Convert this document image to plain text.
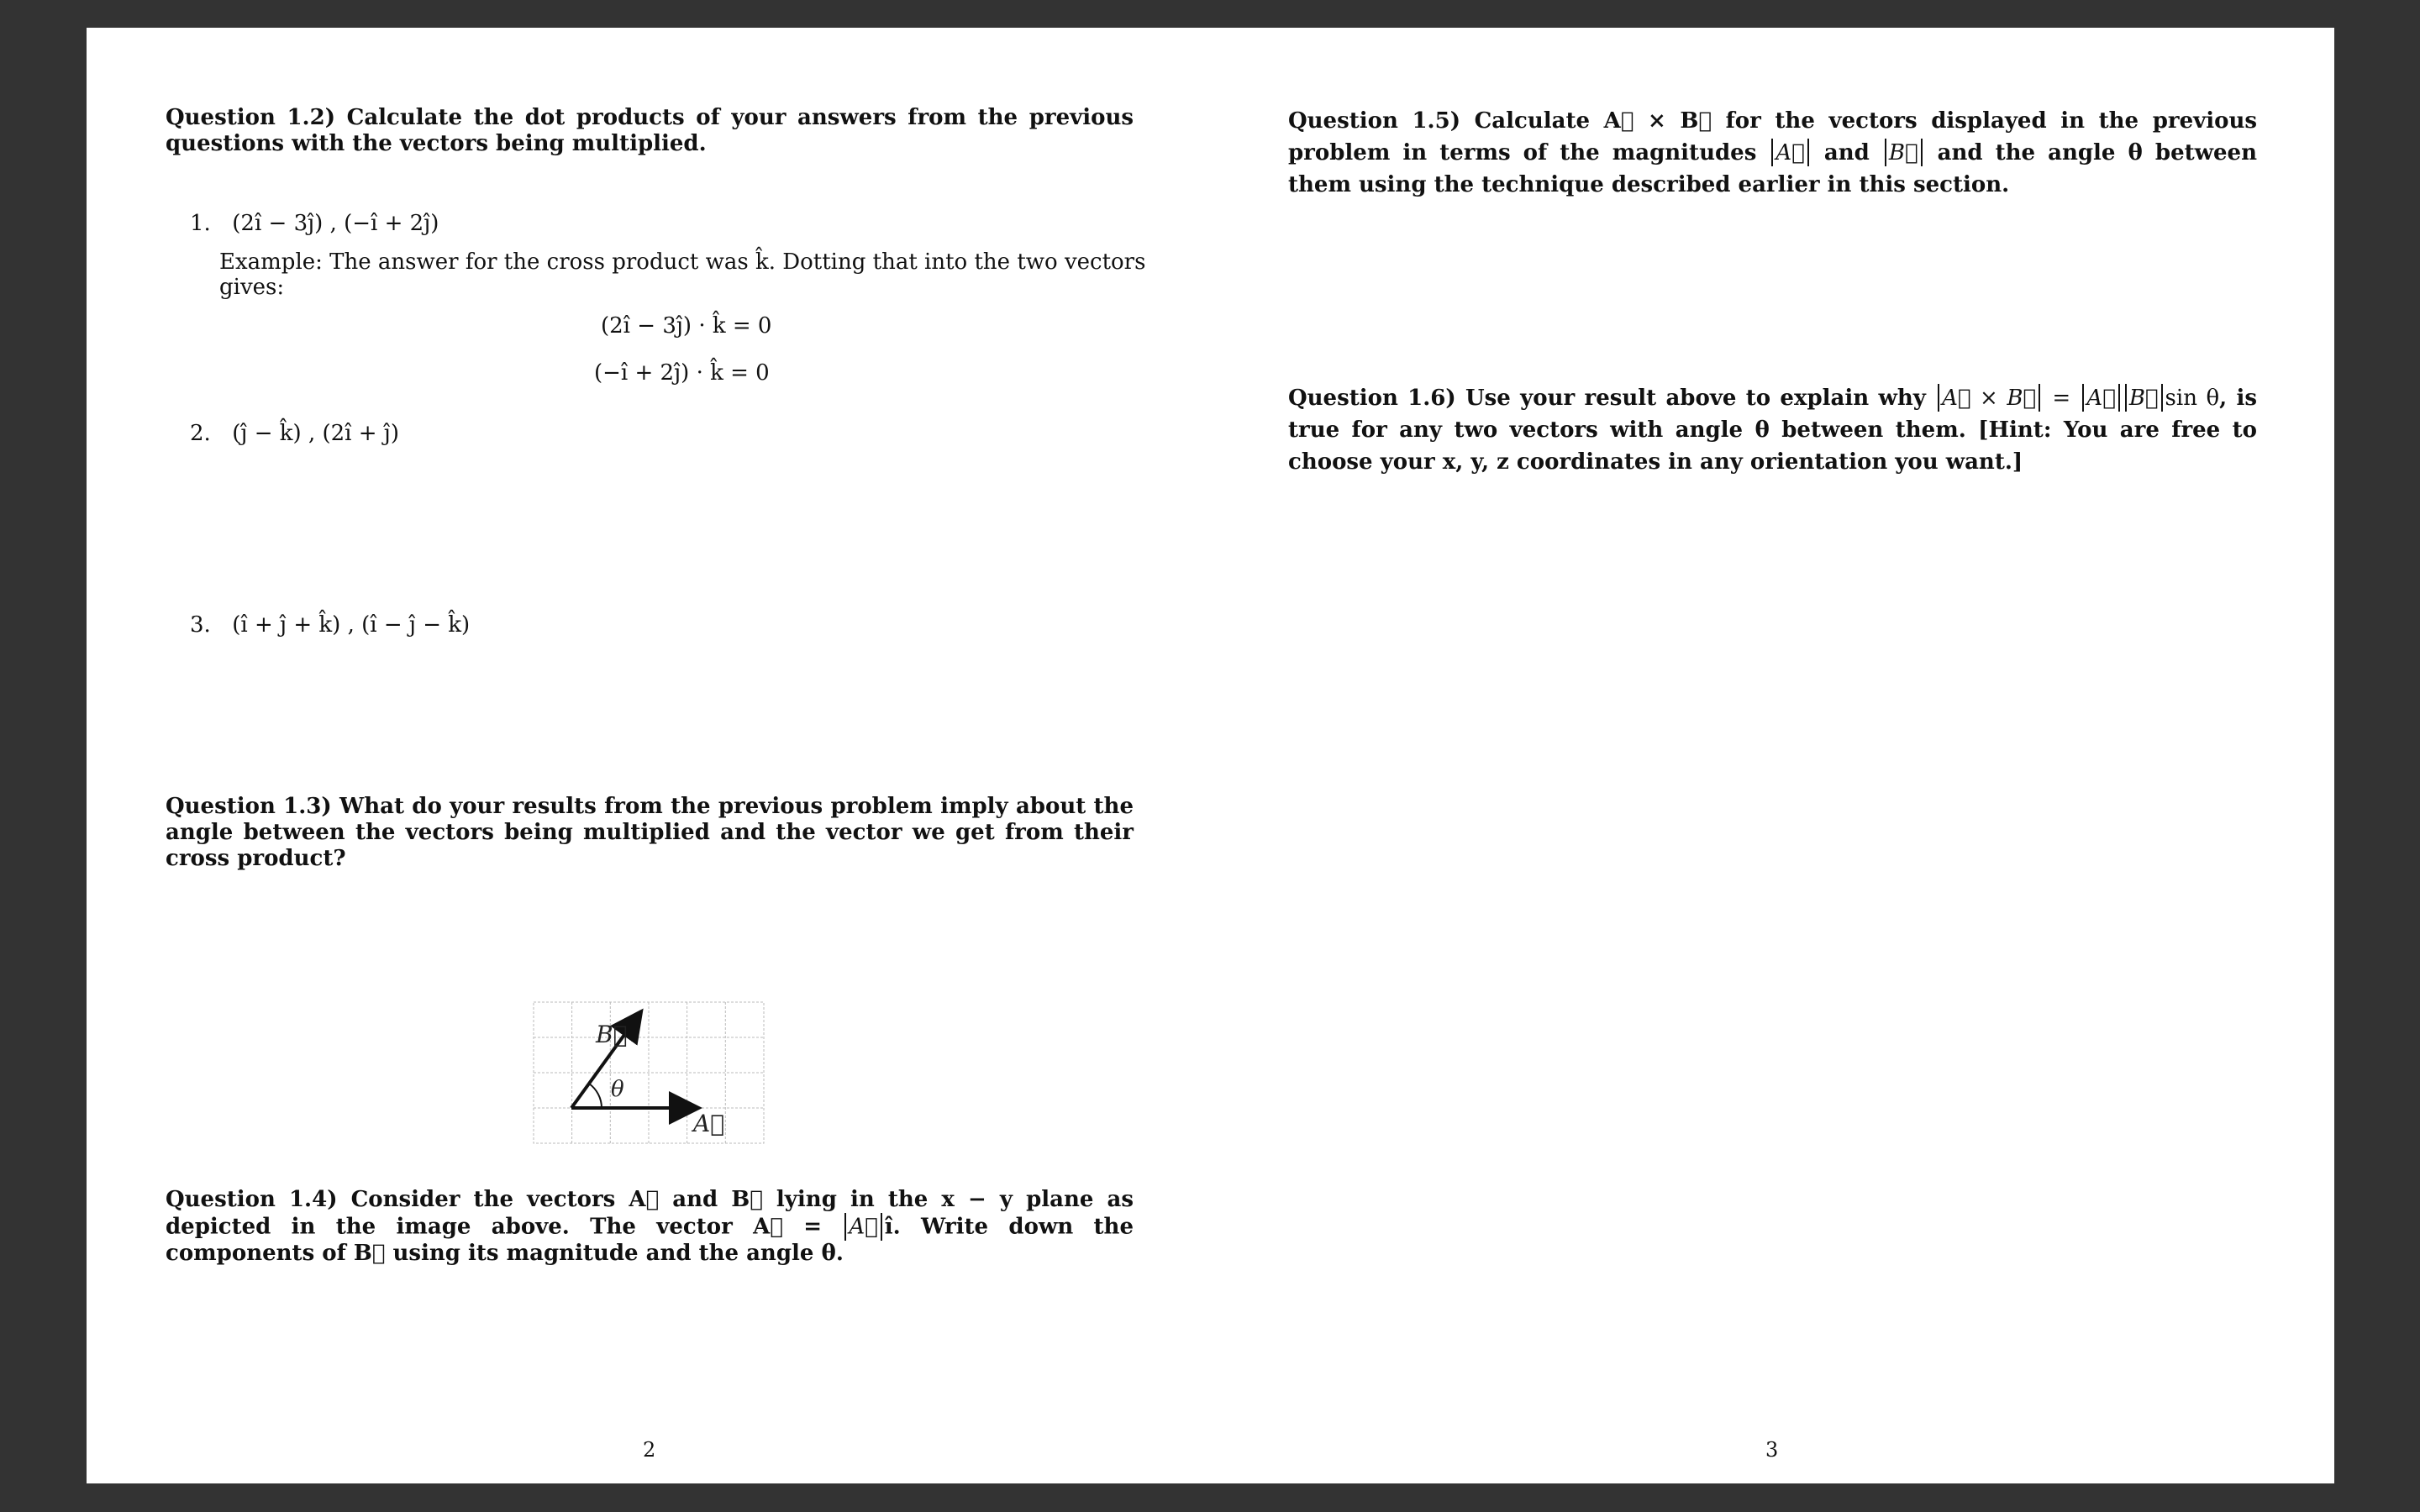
Question 1.2) Calculate the dot products of your answers from the previous questions with the vectors being multiplied.
1. (2î − 3ĵ) , (−î + 2ĵ)
Example: The answer for the cross product was k̂. Dotting that into the two vectors gives:
(2î − 3ĵ) · k̂ = 0
(−î + 2ĵ) · k̂ = 0
2. (ĵ − k̂) , (2î + ĵ)
3. (î + ĵ + k̂) , (î − ĵ − k̂)
Question 1.3) What do your results from the previous problem imply about the angle between the vectors being multiplied and the vector we get from their cross product?
B⃗
θ
A⃗
Question 1.4) Consider the vectors A⃗ and B⃗ lying in the x − y plane as depicted in the image above. The vector A⃗ = A⃗ î. Write down the components of B⃗ using its magnitude and the angle θ.
2
Question 1.5) Calculate A⃗ × B⃗ for the vectors displayed in the previous problem in terms of the magnitudes A⃗ and B⃗ and the angle θ between them using the technique described earlier in this section.
Question 1.6) Use your result above to explain why A⃗ × B⃗ = A⃗ B⃗ sin θ, is true for any two vectors with angle θ between them. [Hint: You are free to choose your x, y, z coordinates in any orientation you want.]
3
